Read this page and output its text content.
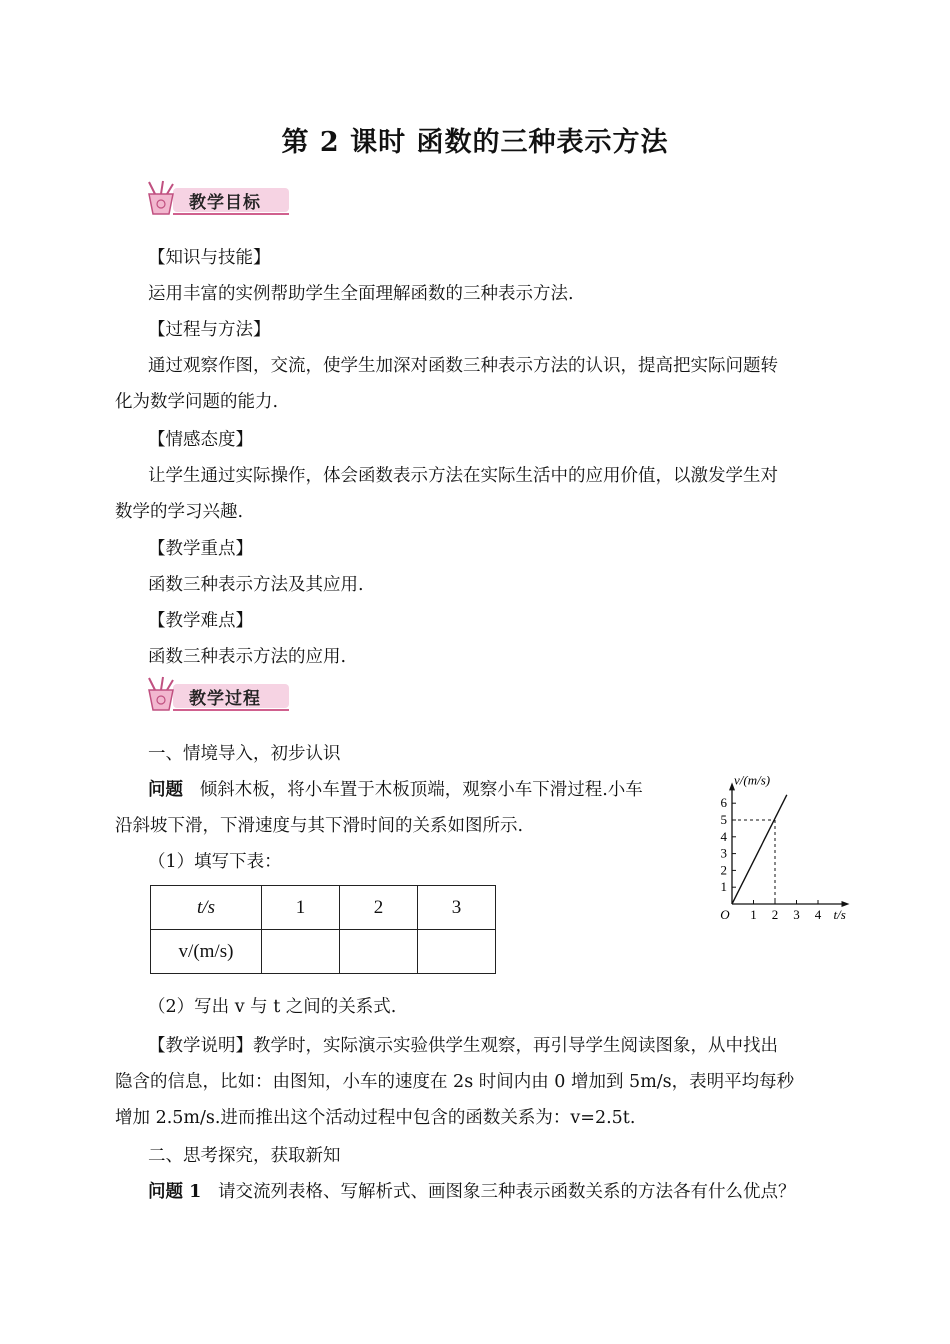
第 2 课时 函数的三种表示方法
教学目标
【知识与技能】
运用丰富的实例帮助学生全面理解函数的三种表示方法.
【过程与方法】
通过观察作图，交流，使学生加深对函数三种表示方法的认识，提高把实际问题转
化为数学问题的能力.
【情感态度】
让学生通过实际操作，体会函数表示方法在实际生活中的应用价值，以激发学生对
数学的学习兴趣.
【教学重点】
函数三种表示方法及其应用.
【教学难点】
函数三种表示方法的应用.
教学过程
一、情境导入，初步认识
问题 倾斜木板，将小车置于木板顶端，观察小车下滑过程.小车
沿斜坡下滑，下滑速度与其下滑时间的关系如图所示.
（1）填写下表：
t/s	1	2	3
v/(m/s)			
（2）写出 v 与 t 之间的关系式.
【教学说明】教学时，实际演示实验供学生观察，再引导学生阅读图象，从中找出
隐含的信息，比如：由图知，小车的速度在 2s 时间内由 0 增加到 5m/s，表明平均每秒
增加 2.5m/s.进而推出这个活动过程中包含的函数关系为：v=2.5t.
二、思考探究，获取新知
问题 1 请交流列表格、写解析式、画图象三种表示函数关系的方法各有什么优点？
1 2 3 4
1
2
3
4
5
6
O	t/s
v/(m/s)
